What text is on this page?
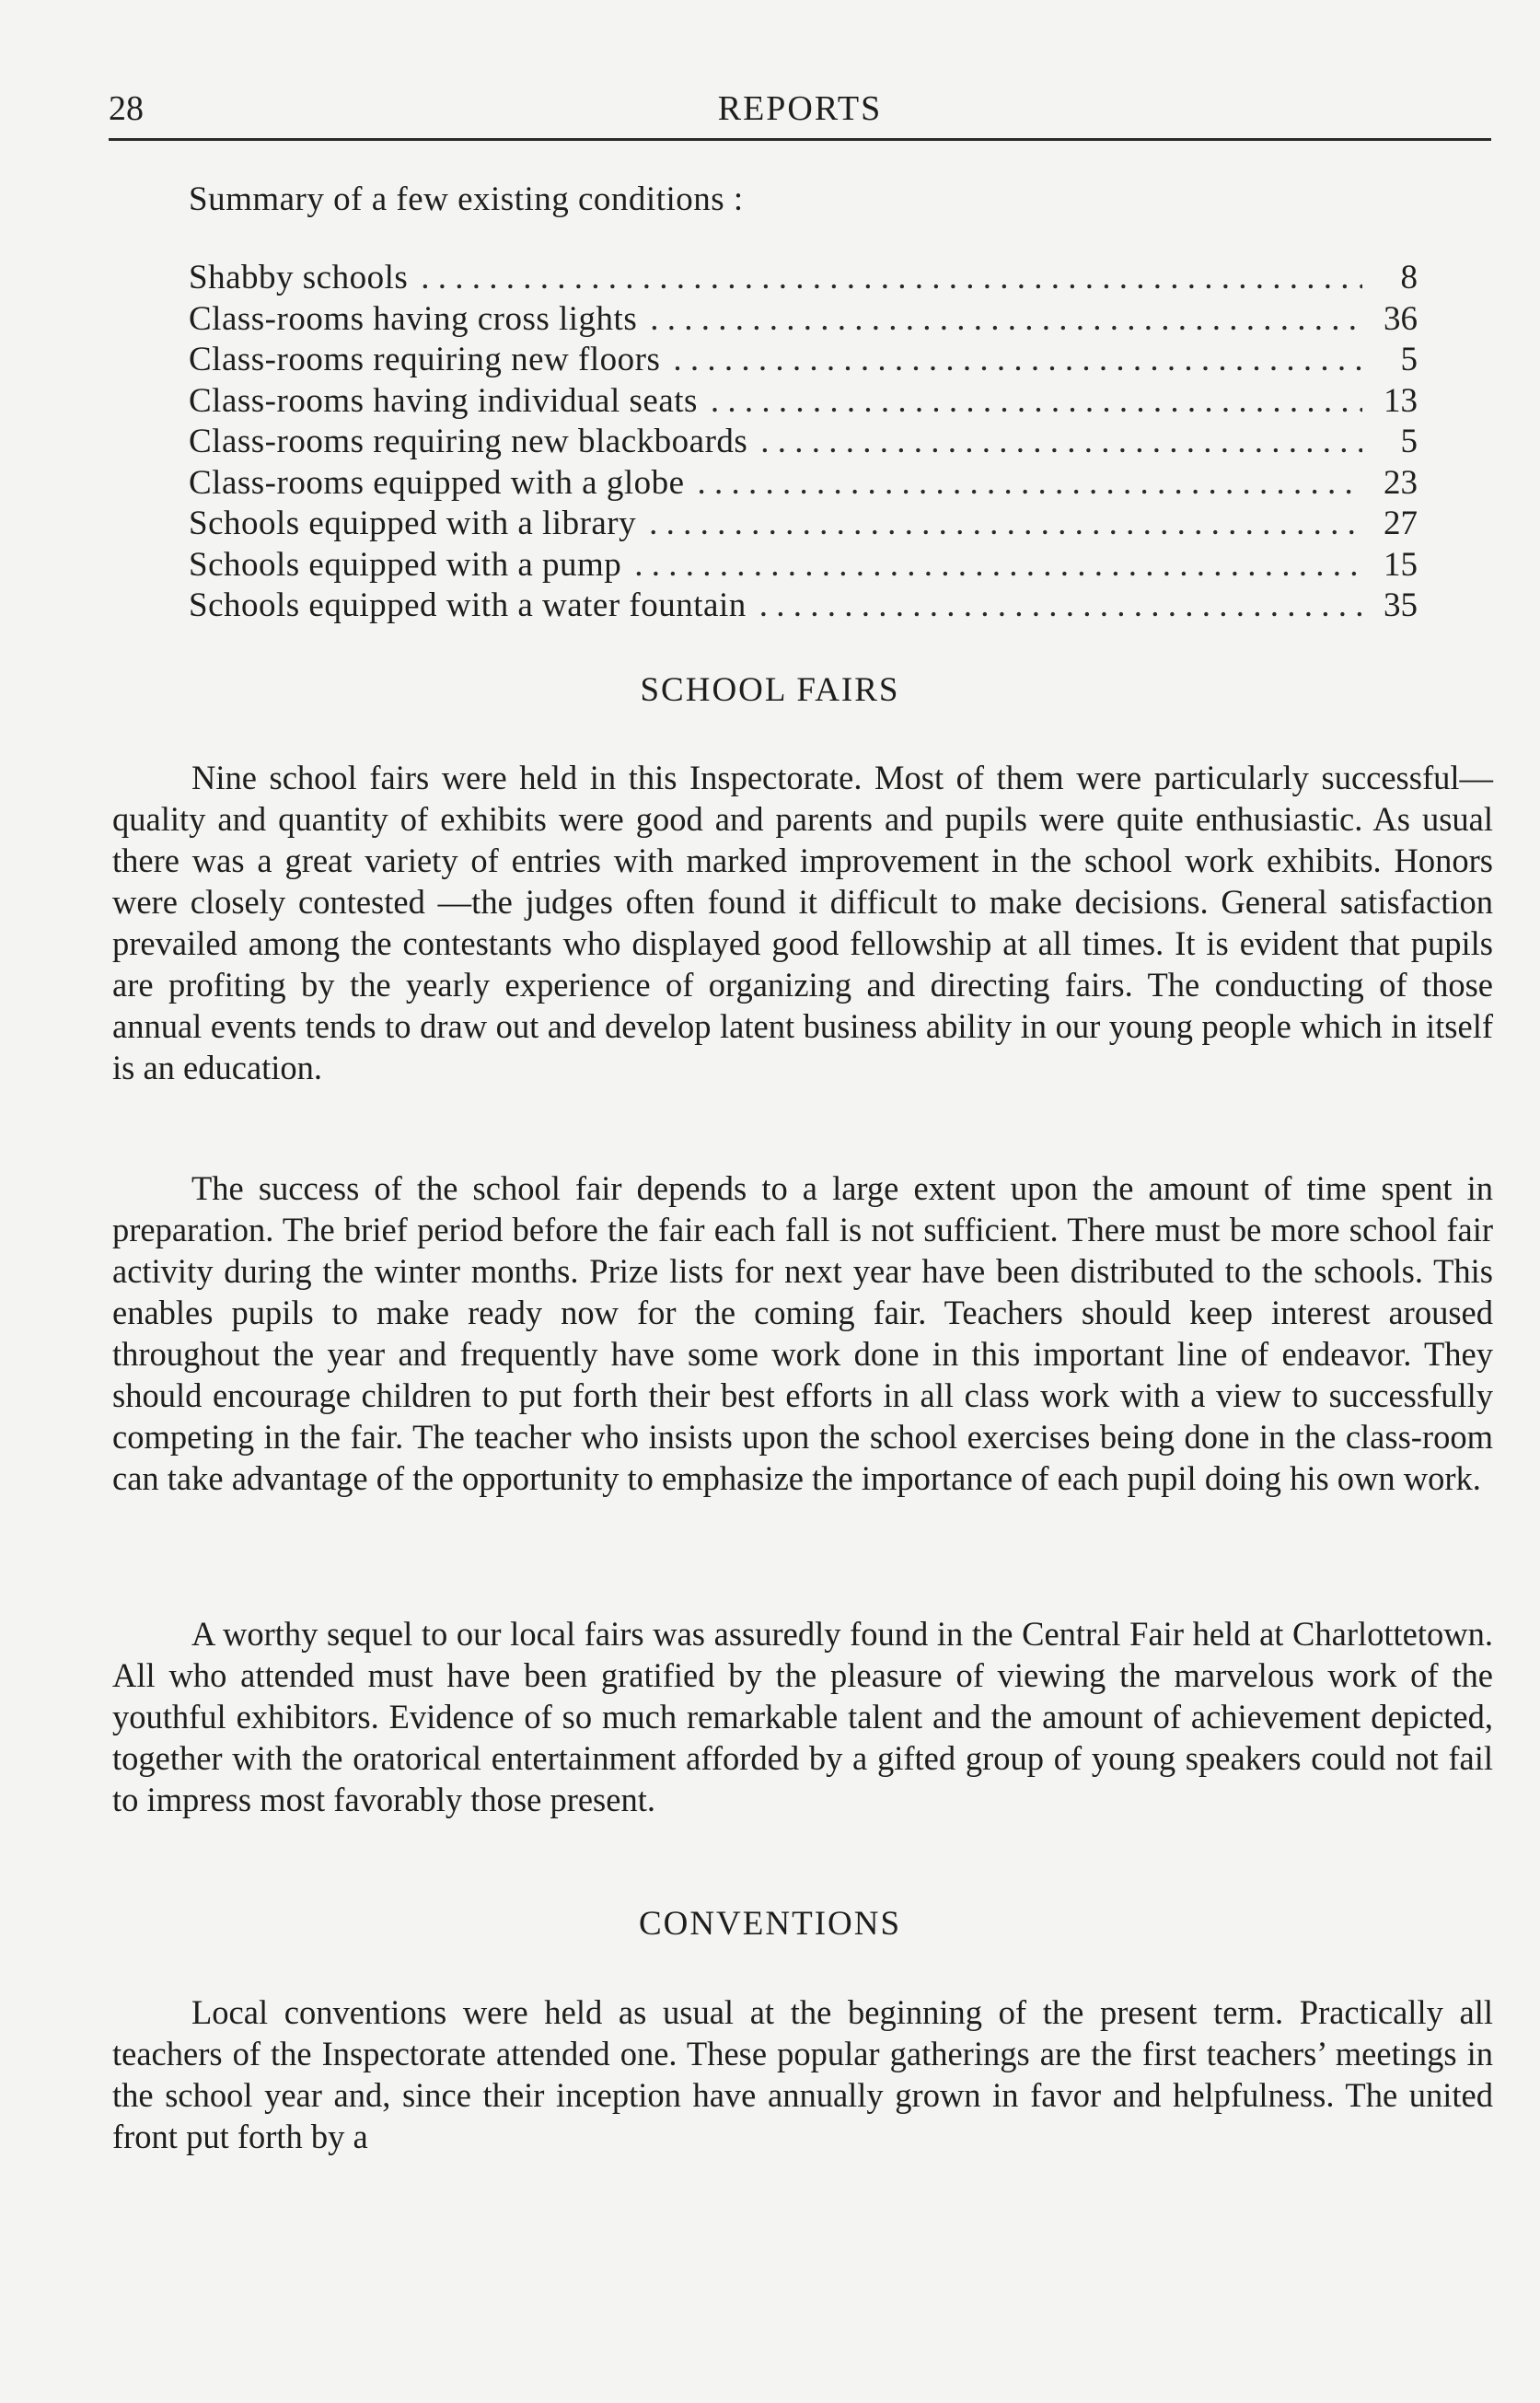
28	REPORTS
Summary of a few existing conditions :
Shabby schools . . .	8
Class-rooms having cross lights . . .	36
Class-rooms requiring new floors . . .	5
Class-rooms having individual seats . . .	13
Class-rooms requiring new blackboards . . .	5
Class-rooms equipped with a globe . . .	23
Schools equipped with a library . . .	27
Schools equipped with a pump . . .	15
Schools equipped with a water fountain . . .	35
SCHOOL FAIRS

Nine school fairs were held in this Inspectorate. Most of them were particularly successful—quality and quantity of exhibits were good and parents and pupils were quite enthusiastic. As usual there was a great variety of entries with marked improvement in the school work exhibits. Honors were closely contested —the judges often found it difficult to make decisions. General satisfaction prevailed among the contestants who displayed good fellowship at all times. It is evident that pupils are profiting by the yearly experience of organizing and directing fairs. The conducting of those annual events tends to draw out and develop latent business ability in our young people which in itself is an education.

The success of the school fair depends to a large extent upon the amount of time spent in preparation. The brief period before the fair each fall is not sufficient. There must be more school fair activity during the winter months. Prize lists for next year have been distributed to the schools. This enables pupils to make ready now for the coming fair. Teachers should keep interest aroused throughout the year and frequently have some work done in this important line of endeavor. They should encourage children to put forth their best efforts in all class work with a view to successfully competing in the fair. The teacher who insists upon the school exercises being done in the class-room can take advantage of the opportunity to emphasize the importance of each pupil doing his own work.

A worthy sequel to our local fairs was assuredly found in the Central Fair held at Charlottetown. All who attended must have been gratified by the pleasure of viewing the marvelous work of the youthful exhibitors. Evidence of so much remarkable talent and the amount of achievement depicted, together with the oratorical entertainment afforded by a gifted group of young speakers could not fail to impress most favorably those present.

CONVENTIONS

Local conventions were held as usual at the beginning of the present term. Practically all teachers of the Inspectorate attended one. These popular gatherings are the first teachers’ meetings in the school year and, since their inception have annually grown in favor and helpfulness. The united front put forth by a
